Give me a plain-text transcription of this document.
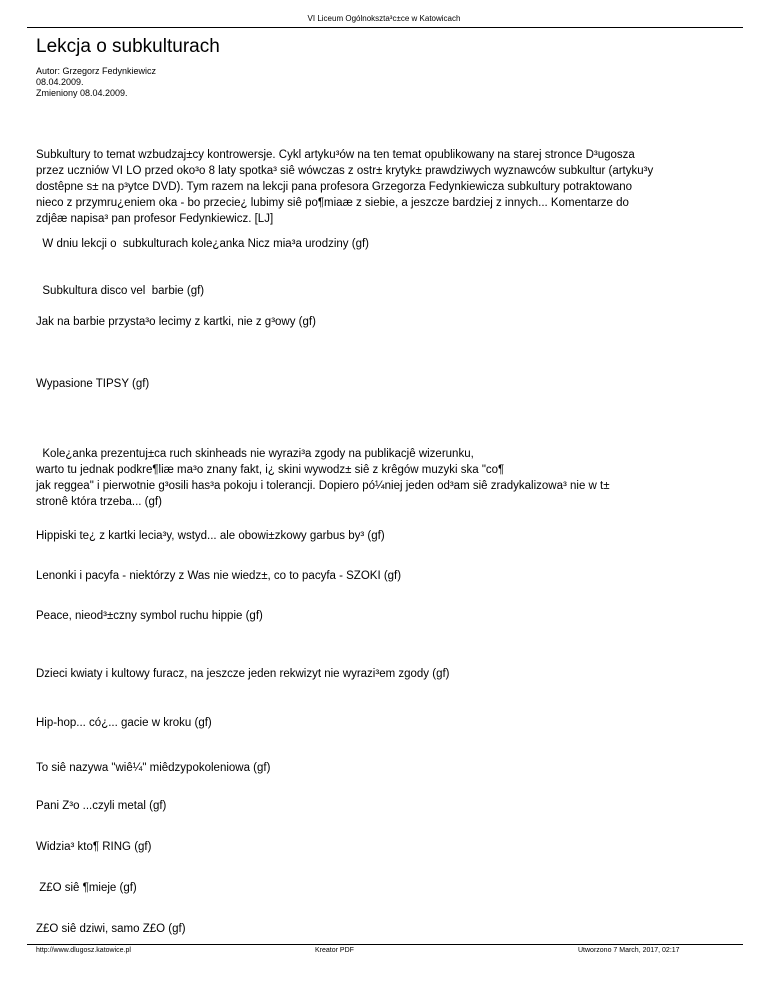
VI Liceum Ogólnokszta³c±ce w Katowicach
Lekcja o subkulturach
Autor: Grzegorz Fedynkiewicz
08.04.2009.
Zmieniony 08.04.2009.

Subkultury to temat wzbudzaj±cy kontrowersje. Cykl artyku³ów na ten temat opublikowany na starej stronce D³ugosza
przez uczniów VI LO przed oko³o 8 laty spotka³ siê wówczas z ostr± krytyk± prawdziwych wyznawców subkultur (artyku³y
dostêpne s± na p³ytce DVD). Tym razem na lekcji pana profesora Grzegorza Fedynkiewicza subkultury potraktowano
nieco z przymru¿eniem oka - bo przecie¿ lubimy siê po¶miaæ z siebie, a jeszcze bardziej z innych... Komentarze do
zdjêæ napisa³ pan profesor Fedynkiewicz. [LJ]

W dniu lekcji o  subkulturach kole¿anka Nicz mia³a urodziny (gf)

Subkultura disco vel  barbie (gf)

Jak na barbie przysta³o lecimy z kartki, nie z g³owy (gf)

Wypasione TIPSY (gf)

Kole¿anka prezentuj±ca ruch skinheads nie wyrazi³a zgody na publikacjê wizerunku,
warto tu jednak podkre¶liæ ma³o znany fakt, i¿ skini wywodz± siê z krêgów muzyki ska "co¶
jak reggea" i pierwotnie g³osili has³a pokoju i tolerancji. Dopiero pó¼niej jeden od³am siê zradykalizowa³ nie w t±
stronê która trzeba... (gf)

Hippiski te¿ z kartki lecia³y, wstyd... ale obowi±zkowy garbus by³ (gf)

Lenonki i pacyfa - niektórzy z Was nie wiedz±, co to pacyfa - SZOKI (gf)

Peace, nieod³±czny symbol ruchu hippie (gf)

Dzieci kwiaty i kultowy furacz, na jeszcze jeden rekwizyt nie wyrazi³em zgody (gf)

Hip-hop... có¿... gacie w kroku (gf)

To siê nazywa "wiê¼" miêdzypokoleniowa (gf)

Pani Z³o ...czyli metal (gf)

Widzia³ kto¶ RING (gf)

Z£O siê ¶mieje (gf)

Z£O siê dziwi, samo Z£O (gf)

http://www.dlugosz.katowice.pl	Kreator PDF	Utworzono 7 March, 2017, 02:17
